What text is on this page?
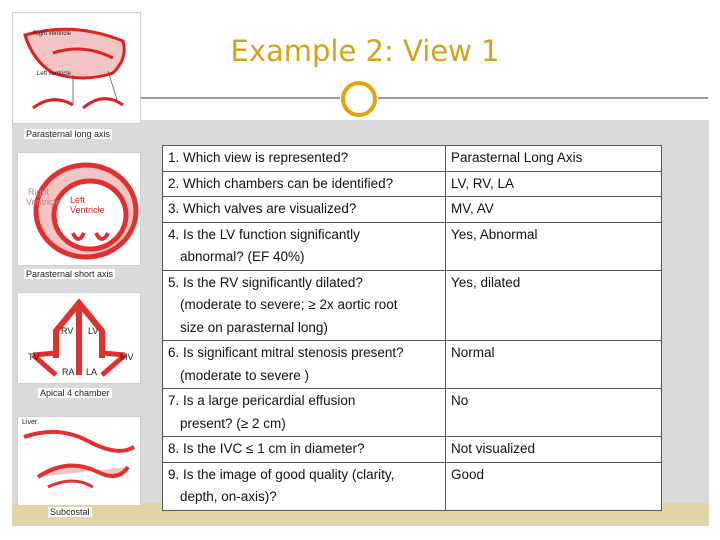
Example 2: View 1
Right ventricle
Left ventricle
Parasternal long axis
Right
Ventricle Left
Ventricle
Parasternal short axis
RV LV
TV	MV
RA LA
Apical 4 chamber
Liver
Subcostal
1. Which view is represented?	Parasternal Long Axis

2. Which chambers can be identified?	LV, RV, LA

3. Which valves are visualized?	MV, AV

4. Is the LV function significantly
abnormal? (EF 40%)	Yes, Abnormal

5. Is the RV significantly dilated?
(moderate to severe; ≥ 2x aortic root
size on parasternal long)	Yes, dilated

6. Is significant mitral stenosis present?
(moderate to severe )	Normal

7. Is a large pericardial effusion
present? (≥ 2 cm)	No

8. Is the IVC ≤ 1 cm in diameter?	Not visualized

9. Is the image of good quality (clarity,
depth, on-axis)?	Good
